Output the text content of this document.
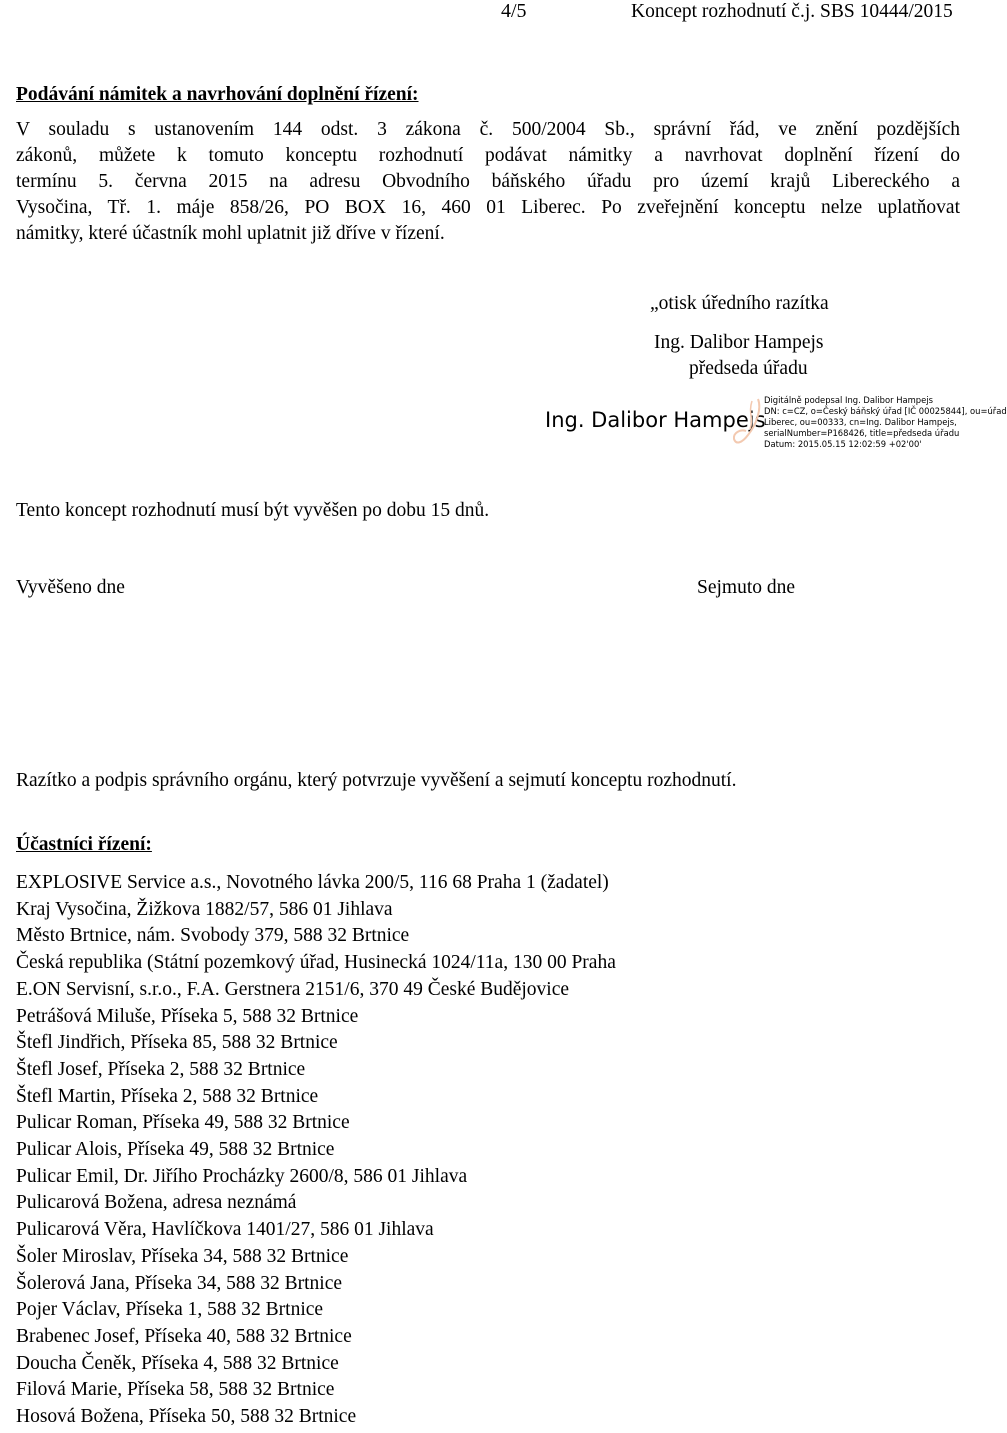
4/5	Koncept rozhodnutí č.j. SBS 10444/2015
Podávání námitek a navrhování doplnění řízení:
V souladu s ustanovením 144 odst. 3 zákona č. 500/2004 Sb., správní řád, ve znění pozdějších
zákonů, můžete k tomuto konceptu rozhodnutí podávat námitky a navrhovat doplnění řízení do
termínu 5. června 2015 na adresu Obvodního báňského úřadu pro území krajů Libereckého a
Vysočina, Tř. 1. máje 858/26, PO BOX 16, 460 01 Liberec. Po zveřejnění konceptu nelze uplatňovat
námitky, které účastník mohl uplatnit již dříve v řízení.
„otisk úředního razítka
Ing. Dalibor Hampejs
předseda úřadu
Ing. Dalibor Hampejs
Digitálně podepsal Ing. Dalibor Hampejs
DN: c=CZ, o=Český báňský úřad [IČ 00025844], ou=úřad
Liberec, ou=00333, cn=Ing. Dalibor Hampejs,
serialNumber=P168426, title=předseda úřadu
Datum: 2015.05.15 12:02:59 +02'00'
Tento koncept rozhodnutí musí být vyvěšen po dobu 15 dnů.
Vyvěšeno dne	Sejmuto dne
Razítko a podpis správního orgánu, který potvrzuje vyvěšení a sejmutí konceptu rozhodnutí.
Účastníci řízení:
EXPLOSIVE Service a.s., Novotného lávka 200/5, 116 68 Praha 1 (žadatel)
Kraj Vysočina, Žižkova 1882/57, 586 01 Jihlava
Město Brtnice, nám. Svobody 379, 588 32 Brtnice
Česká republika (Státní pozemkový úřad, Husinecká 1024/11a, 130 00 Praha
E.ON Servisní, s.r.o., F.A. Gerstnera 2151/6, 370 49 České Budějovice
Petrášová Miluše, Příseka 5, 588 32 Brtnice
Štefl Jindřich, Příseka 85, 588 32 Brtnice
Štefl Josef, Příseka 2, 588 32 Brtnice
Štefl Martin, Příseka 2, 588 32 Brtnice
Pulicar Roman, Příseka 49, 588 32 Brtnice
Pulicar Alois, Příseka 49, 588 32 Brtnice
Pulicar Emil, Dr. Jiřího Procházky 2600/8, 586 01 Jihlava
Pulicarová Božena, adresa neznámá
Pulicarová Věra, Havlíčkova 1401/27, 586 01 Jihlava
Šoler Miroslav, Příseka 34, 588 32 Brtnice
Šolerová Jana, Příseka 34, 588 32 Brtnice
Pojer Václav, Příseka 1, 588 32 Brtnice
Brabenec Josef, Příseka 40, 588 32 Brtnice
Doucha Čeněk, Příseka 4, 588 32 Brtnice
Filová Marie, Příseka 58, 588 32 Brtnice
Hosová Božena, Příseka 50, 588 32 Brtnice
